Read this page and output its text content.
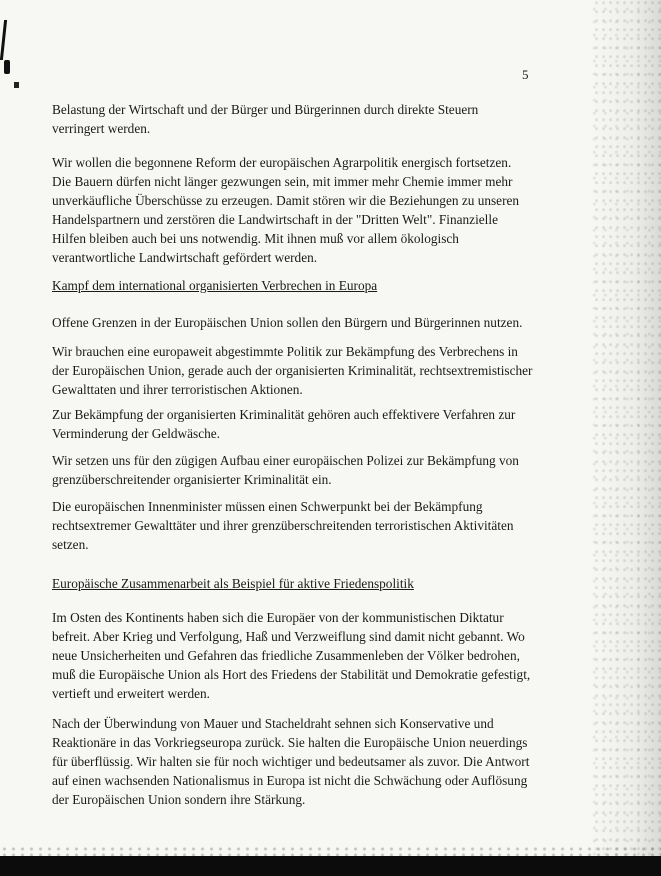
5

Belastung der Wirtschaft und der Bürger und Bürgerinnen durch direkte Steuern
verringert werden.

Wir wollen die begonnene Reform der europäischen Agrarpolitik energisch fortsetzen.
Die Bauern dürfen nicht länger gezwungen sein, mit immer mehr Chemie immer mehr
unverkäufliche Überschüsse zu erzeugen. Damit stören wir die Beziehungen zu unseren
Handelspartnern und zerstören die Landwirtschaft in der "Dritten Welt". Finanzielle
Hilfen bleiben auch bei uns notwendig. Mit ihnen muß vor allem ökologisch
verantwortliche Landwirtschaft gefördert werden.

Kampf dem international organisierten Verbrechen in Europa

Offene Grenzen in der Europäischen Union sollen den Bürgern und Bürgerinnen nutzen.

Wir brauchen eine europaweit abgestimmte Politik zur Bekämpfung des Verbrechens in
der Europäischen Union, gerade auch der organisierten Kriminalität, rechtsextremistischer
Gewalttaten und ihrer terroristischen Aktionen.

Zur Bekämpfung der organisierten Kriminalität gehören auch effektivere Verfahren zur
Verminderung der Geldwäsche.

Wir setzen uns für den zügigen Aufbau einer europäischen Polizei zur Bekämpfung von
grenzüberschreitender organisierter Kriminalität ein.

Die europäischen Innenminister müssen einen Schwerpunkt bei der Bekämpfung
rechtsextremer Gewalttäter und ihrer grenzüberschreitenden terroristischen Aktivitäten
setzen.

Europäische Zusammenarbeit als Beispiel für aktive Friedenspolitik

Im Osten des Kontinents haben sich die Europäer von der kommunistischen Diktatur
befreit. Aber Krieg und Verfolgung, Haß und Verzweiflung sind damit nicht gebannt. Wo
neue Unsicherheiten und Gefahren das friedliche Zusammenleben der Völker bedrohen,
muß die Europäische Union als Hort des Friedens der Stabilität und Demokratie gefestigt,
vertieft und erweitert werden.

Nach der Überwindung von Mauer und Stacheldraht sehnen sich Konservative und
Reaktionäre in das Vorkriegseuropa zurück. Sie halten die Europäische Union neuerdings
für überflüssig. Wir halten sie für noch wichtiger und bedeutsamer als zuvor. Die Antwort
auf einen wachsenden Nationalismus in Europa ist nicht die Schwächung oder Auflösung
der Europäischen Union sondern ihre Stärkung.
